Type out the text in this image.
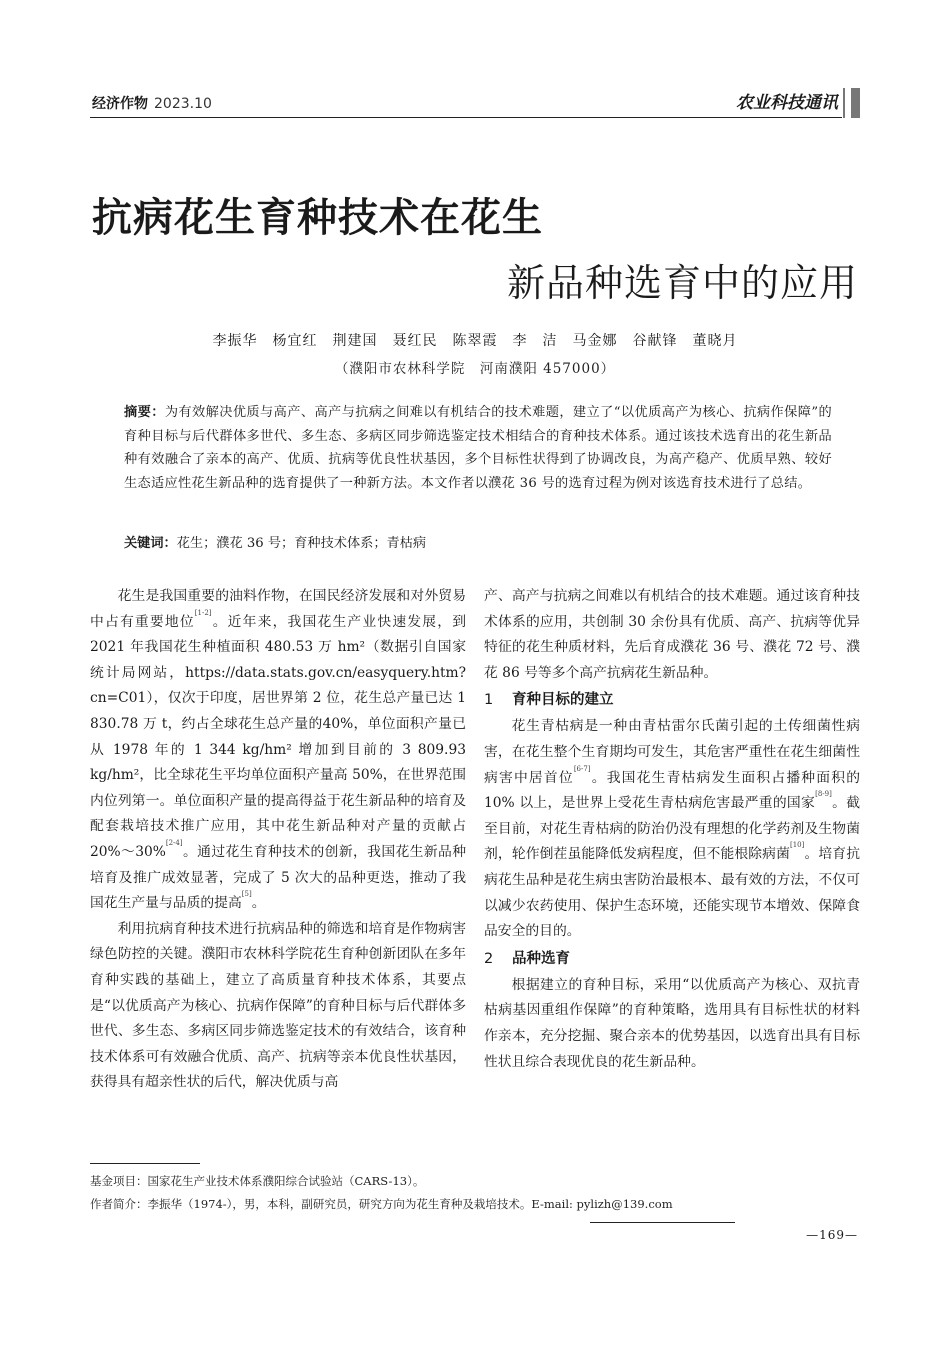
经济作物 2023.10	农业科技通讯
抗病花生育种技术在花生
新品种选育中的应用
李振华　杨宜红　荆建国　聂红民　陈翠霞　李　洁　马金娜　谷献锋　董晓月
（濮阳市农林科学院　河南濮阳 457000）
摘要：为有效解决优质与高产、高产与抗病之间难以有机结合的技术难题，建立了“以优质高产为核心、抗病作保障”的育种目标与后代群体多世代、多生态、多病区同步筛选鉴定技术相结合的育种技术体系。通过该技术选育出的花生新品种有效融合了亲本的高产、优质、抗病等优良性状基因，多个目标性状得到了协调改良，为高产稳产、优质早熟、较好生态适应性花生新品种的选育提供了一种新方法。本文作者以濮花 36 号的选育过程为例对该选育技术进行了总结。
关键词：花生；濮花 36 号；育种技术体系；青枯病

花生是我国重要的油料作物，在国民经济发展和对外贸易中占有重要地位[1-2]。近年来，我国花生产业快速发展，到 2021 年我国花生种植面积 480.53 万 hm²（数据引自国家统计局网站，https://data.stats.gov.cn/easyquery.htm?cn=C01），仅次于印度，居世界第 2 位，花生总产量已达 1 830.78 万 t，约占全球花生总产量的40%，单位面积产量已从 1978 年的 1 344 kg/hm² 增加到目前的 3 809.93 kg/hm²，比全球花生平均单位面积产量高 50%，在世界范围内位列第一。单位面积产量的提高得益于花生新品种的培育及配套栽培技术推广应用，其中花生新品种对产量的贡献占 20%～30%[2-4]。通过花生育种技术的创新，我国花生新品种培育及推广成效显著，完成了 5 次大的品种更迭，推动了我国花生产量与品质的提高[5]。

利用抗病育种技术进行抗病品种的筛选和培育是作物病害绿色防控的关键。濮阳市农林科学院花生育种创新团队在多年育种实践的基础上，建立了高质量育种技术体系，其要点是“以优质高产为核心、抗病作保障”的育种目标与后代群体多世代、多生态、多病区同步筛选鉴定技术的有效结合，该育种技术体系可有效融合优质、高产、抗病等亲本优良性状基因，获得具有超亲性状的后代，解决优质与高

产、高产与抗病之间难以有机结合的技术难题。通过该育种技术体系的应用，共创制 30 余份具有优质、高产、抗病等优异特征的花生种质材料，先后育成濮花 36 号、濮花 72 号、濮花 86 号等多个高产抗病花生新品种。

1 育种目标的建立

花生青枯病是一种由青枯雷尔氏菌引起的土传细菌性病害，在花生整个生育期均可发生，其危害严重性在花生细菌性病害中居首位[6-7]。我国花生青枯病发生面积占播种面积的 10% 以上，是世界上受花生青枯病危害最严重的国家[8-9]。截至目前，对花生青枯病的防治仍没有理想的化学药剂及生物菌剂，轮作倒茬虽能降低发病程度，但不能根除病菌[10]。培育抗病花生品种是花生病虫害防治最根本、最有效的方法，不仅可以减少农药使用、保护生态环境，还能实现节本增效、保障食品安全的目的。

2 品种选育

根据建立的育种目标，采用“以优质高产为核心、双抗青枯病基因重组作保障”的育种策略，选用具有目标性状的材料作亲本，充分挖掘、聚合亲本的优势基因，以选育出具有目标性状且综合表现优良的花生新品种。

基金项目：国家花生产业技术体系濮阳综合试验站（CARS-13）。
作者简介：李振华（1974-），男，本科，副研究员，研究方向为花生育种及栽培技术。E-mail: pylizh@139.com
—169—
